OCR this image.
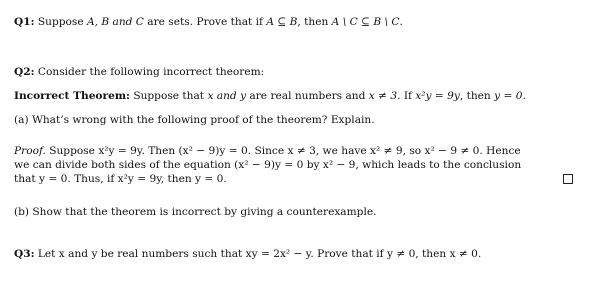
Q1: Suppose A, B and C are sets. Prove that if A ⊆ B, then A \ C ⊆ B \ C.
Q2: Consider the following incorrect theorem:
Incorrect Theorem: Suppose that x and y are real numbers and x ≠ 3. If x²y = 9y, then y = 0.
(a) What’s wrong with the following proof of the theorem? Explain.
Proof. Suppose x²y = 9y. Then (x² − 9)y = 0. Since x ≠ 3, we have x² ≠ 9, so x² − 9 ≠ 0. Hence
we can divide both sides of the equation (x² − 9)y = 0 by x² − 9, which leads to the conclusion
that y = 0. Thus, if x²y = 9y, then y = 0.
(b) Show that the theorem is incorrect by giving a counterexample.
Q3: Let x and y be real numbers such that xy = 2x² − y. Prove that if y ≠ 0, then x ≠ 0.
